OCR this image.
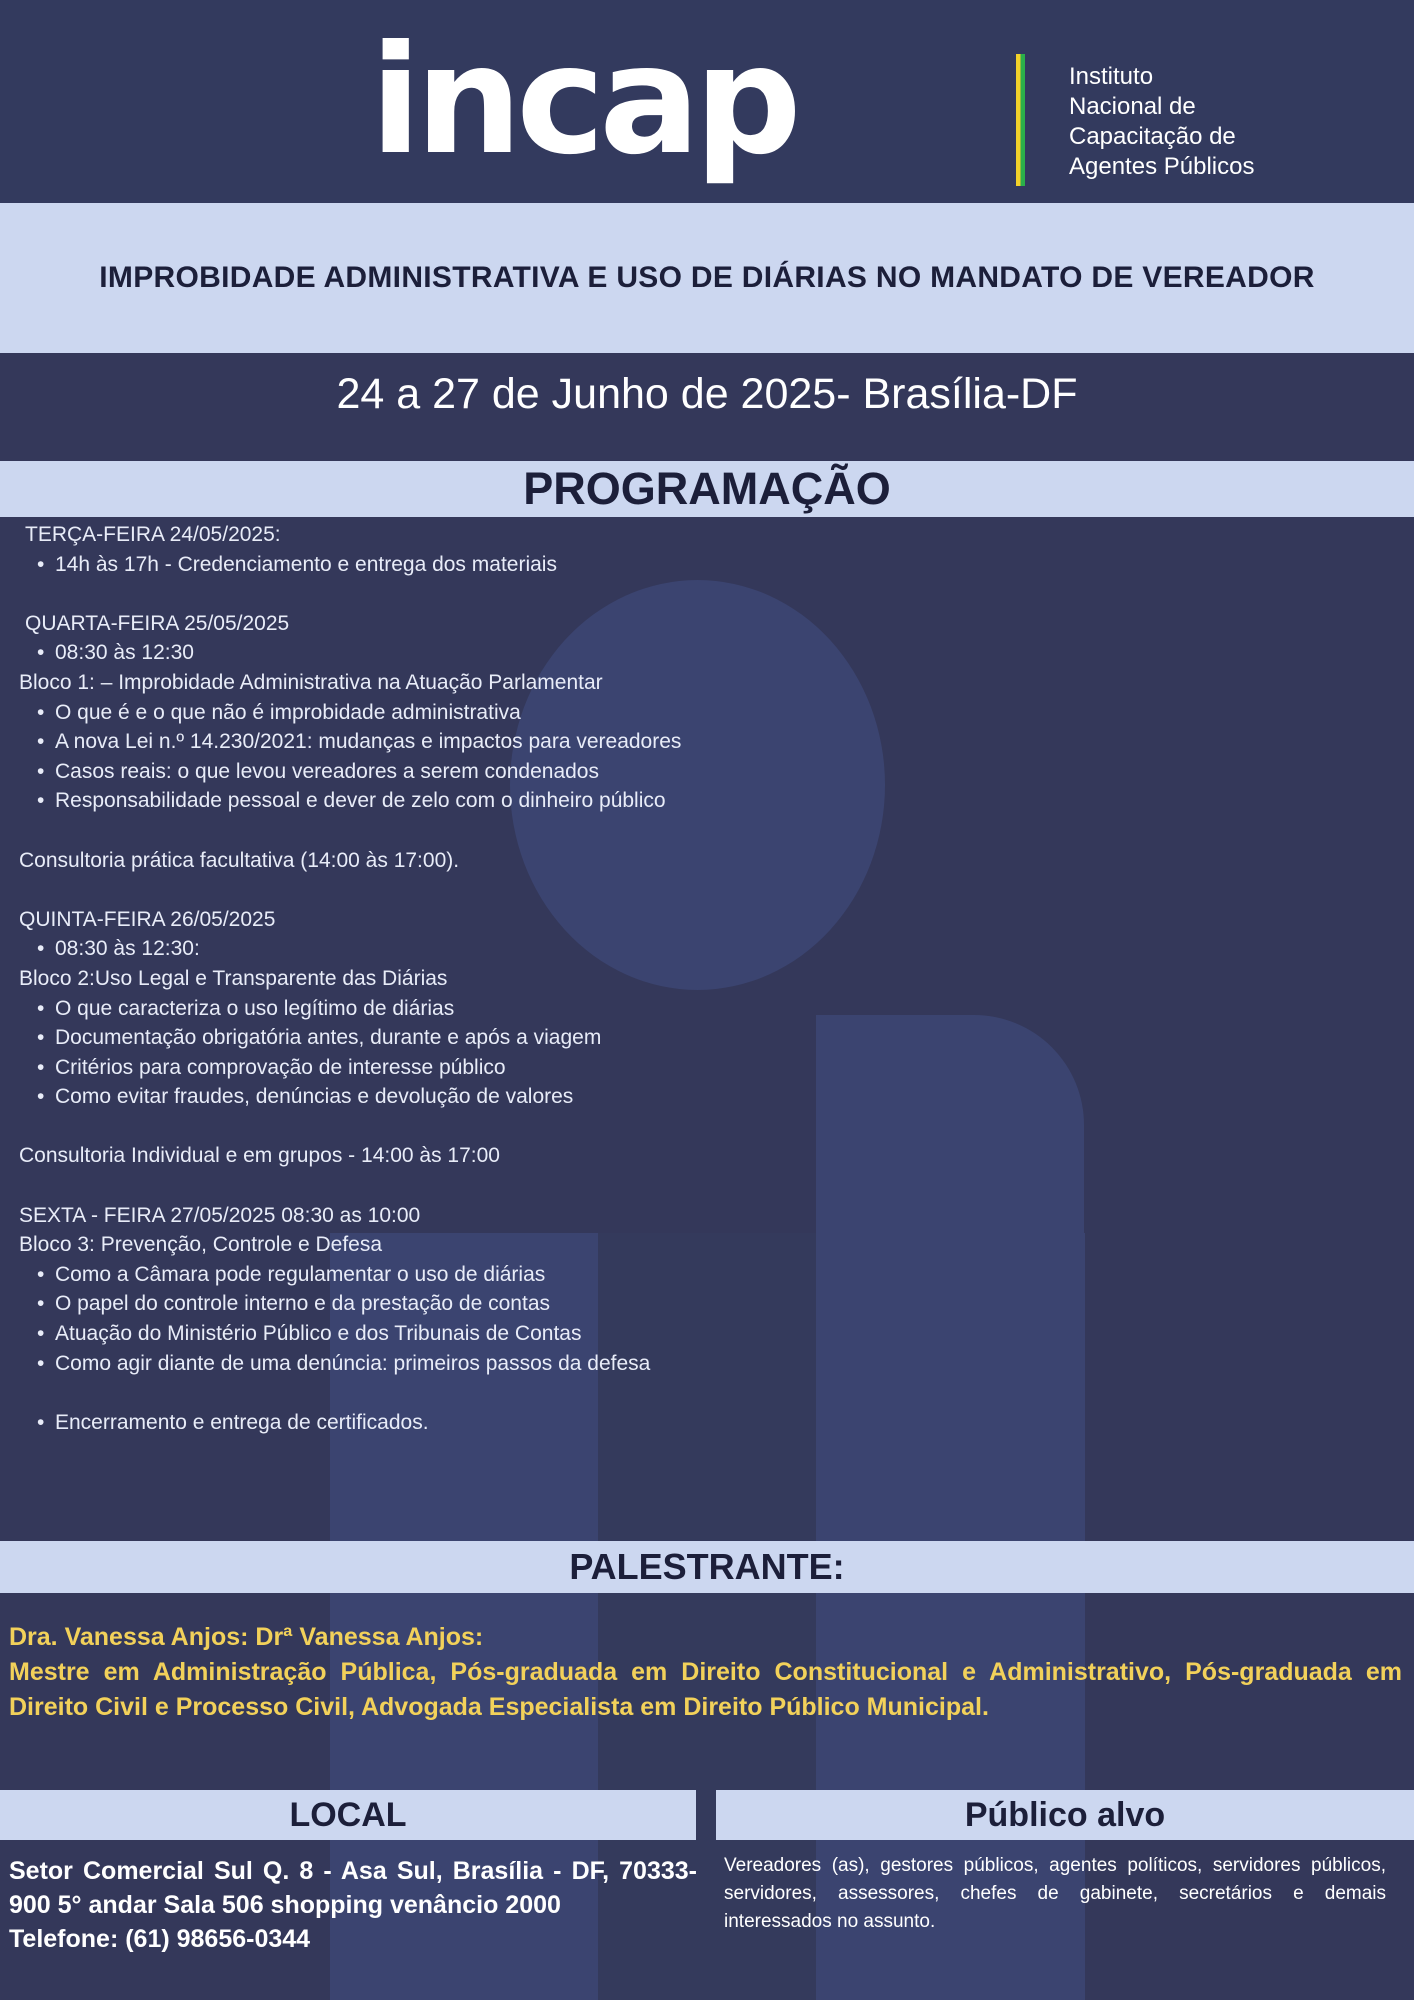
incap	Instituto
Nacional de
Capacitação de
Agentes Públicos
IMPROBIDADE ADMINISTRATIVA E USO DE DIÁRIAS NO MANDATO DE VEREADOR
24 a 27 de Junho de 2025- Brasília-DF
PROGRAMAÇÃO
TERÇA-FEIRA 24/05/2025:
• 14h às 17h - Credenciamento e entrega dos materiais
QUARTA-FEIRA 25/05/2025
• 08:30 às 12:30
Bloco 1: – Improbidade Administrativa na Atuação Parlamentar
• O que é e o que não é improbidade administrativa
• A nova Lei n.º 14.230/2021: mudanças e impactos para vereadores
• Casos reais: o que levou vereadores a serem condenados
• Responsabilidade pessoal e dever de zelo com o dinheiro público
Consultoria prática facultativa (14:00 às 17:00).
QUINTA-FEIRA 26/05/2025
• 08:30 às 12:30:
Bloco 2:Uso Legal e Transparente das Diárias
• O que caracteriza o uso legítimo de diárias
• Documentação obrigatória antes, durante e após a viagem
• Critérios para comprovação de interesse público
• Como evitar fraudes, denúncias e devolução de valores
Consultoria Individual e em grupos - 14:00 às 17:00
SEXTA - FEIRA 27/05/2025 08:30 as 10:00
Bloco 3: Prevenção, Controle e Defesa
• Como a Câmara pode regulamentar o uso de diárias
• O papel do controle interno e da prestação de contas
• Atuação do Ministério Público e dos Tribunais de Contas
• Como agir diante de uma denúncia: primeiros passos da defesa
• Encerramento e entrega de certificados.
PALESTRANTE:

Dra. Vanessa Anjos: Drª Vanessa Anjos:

Mestre em Administração Pública, Pós-graduada em Direito Constitucional e Administrativo, Pós-graduada em Direito Civil e Processo Civil, Advogada Especialista em Direito Público Municipal.

LOCAL	Público alvo

Setor Comercial Sul Q. 8 - Asa Sul, Brasília - DF, 70333-900 5° andar Sala 506 shopping venâncio 2000

Telefone: (61) 98656-0344

Vereadores (as), gestores públicos, agentes políticos, servidores públicos, servidores, assessores, chefes de gabinete, secretários e demais interessados no assunto.
